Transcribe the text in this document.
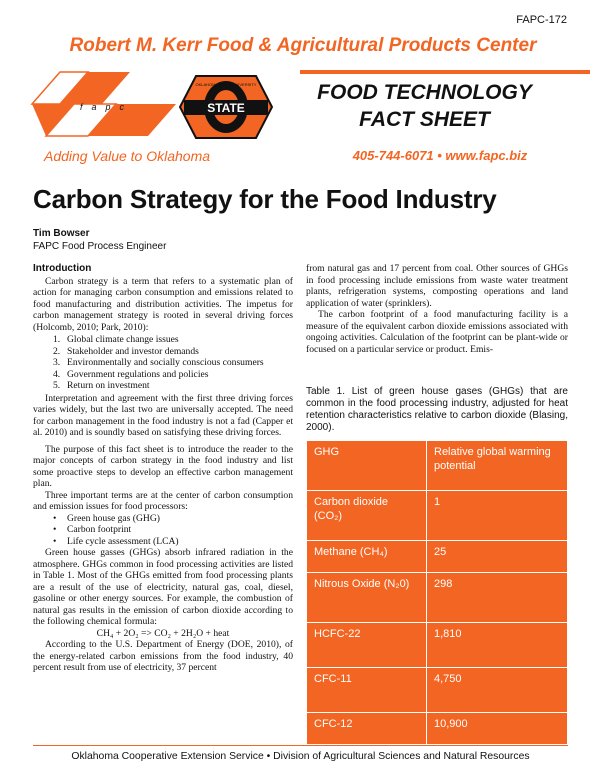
FAPC-172
Robert M. Kerr Food & Agricultural Products Center
fapc	STATE
OKLAHOMA STATE UNIVERSITY	FOOD TECHNOLOGY
FACT SHEET
Adding Value to Oklahoma	405-744-6071 • www.fapc.biz
Carbon Strategy for the Food Industry
Tim Bowser
FAPC Food Process Engineer
Introduction

Carbon strategy is a term that refers to a systematic plan of action for managing carbon consumption and emissions related to food manufacturing and distribution activities. The impetus for carbon management strategy is rooted in several driving forces (Holcomb, 2010; Park, 2010):

1. Global climate change issues
2. Stakeholder and investor demands
3. Environmentally and socially conscious consumers
4. Government regulations and policies
5. Return on investment

Interpretation and agreement with the first three driving forces varies widely, but the last two are universally accepted. The need for carbon management in the food industry is not a fad (Capper et al. 2010) and is soundly based on satisfying these driving forces.

The purpose of this fact sheet is to introduce the reader to the major concepts of carbon strategy in the food industry and list some proactive steps to develop an effective carbon management plan.

Three important terms are at the center of carbon consumption and emission issues for food processors:

• Green house gas (GHG)
• Carbon footprint
• Life cycle assessment (LCA)

Green house gasses (GHGs) absorb infrared radiation in the atmosphere. GHGs common in food processing activities are listed in Table 1. Most of the GHGs emitted from food processing plants are a result of the use of electricity, natural gas, coal, diesel, gasoline or other energy sources. For example, the combustion of natural gas results in the emission of carbon dioxide according to the following chemical formula:

CH₄ + 2O₂ => CO₂ + 2H₂O + heat

According to the U.S. Department of Energy (DOE, 2010), of the energy-related carbon emissions from the food industry, 40 percent result from use of electricity, 37 percent

from natural gas and 17 percent from coal. Other sources of GHGs in food processing include emissions from waste water treatment plants, refrigeration systems, composting operations and land application of water (sprinklers).

The carbon footprint of a food manufacturing facility is a measure of the equivalent carbon dioxide emissions associated with ongoing activities. Calculation of the footprint can be plant-wide or focused on a particular service or product. Emis-

Table 1. List of green house gases (GHGs) that are common in the food processing industry, adjusted for heat retention characteristics relative to carbon dioxide (Blasing, 2000).
GHG	Relative global warming potential
Carbon dioxide (CO₂)	1
Methane (CH₄)	25
Nitrous Oxide (N₂0)	298
HCFC-22	1,810
CFC-11	4,750
CFC-12	10,900
Oklahoma Cooperative Extension Service • Division of Agricultural Sciences and Natural Resources
